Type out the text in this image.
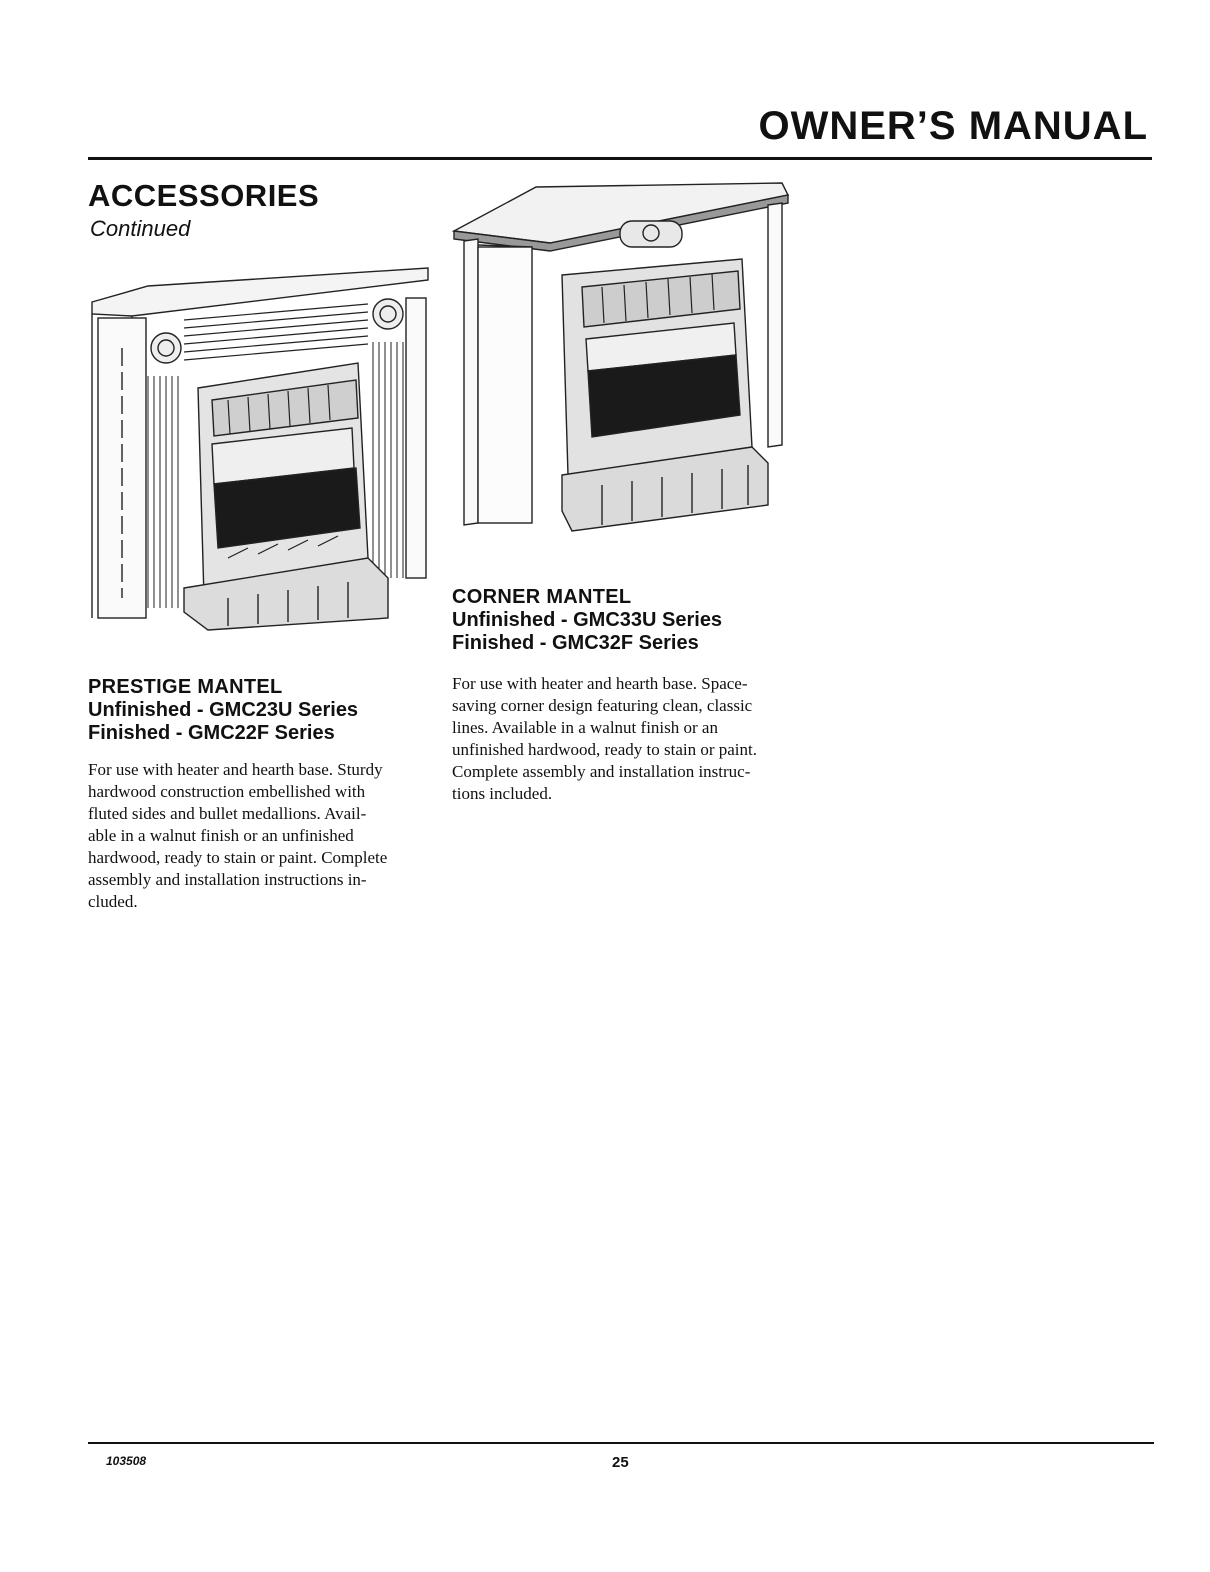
OWNER’S MANUAL
ACCESSORIES
Continued
PRESTIGE MANTEL
Unfinished - GMC23U Series
Finished - GMC22F Series
For use with heater and hearth base. Sturdy
hardwood construction embellished with
fluted sides and bullet medallions. Avail-
able in a walnut finish or an unfinished
hardwood, ready to stain or paint. Complete
assembly and installation instructions in-
cluded.
CORNER MANTEL
Unfinished - GMC33U Series
Finished - GMC32F Series
For use with heater and hearth base. Space-
saving corner design featuring clean, classic
lines. Available in a walnut finish or an
unfinished hardwood, ready to stain or paint.
Complete assembly and installation instruc-
tions included.
103508	25
